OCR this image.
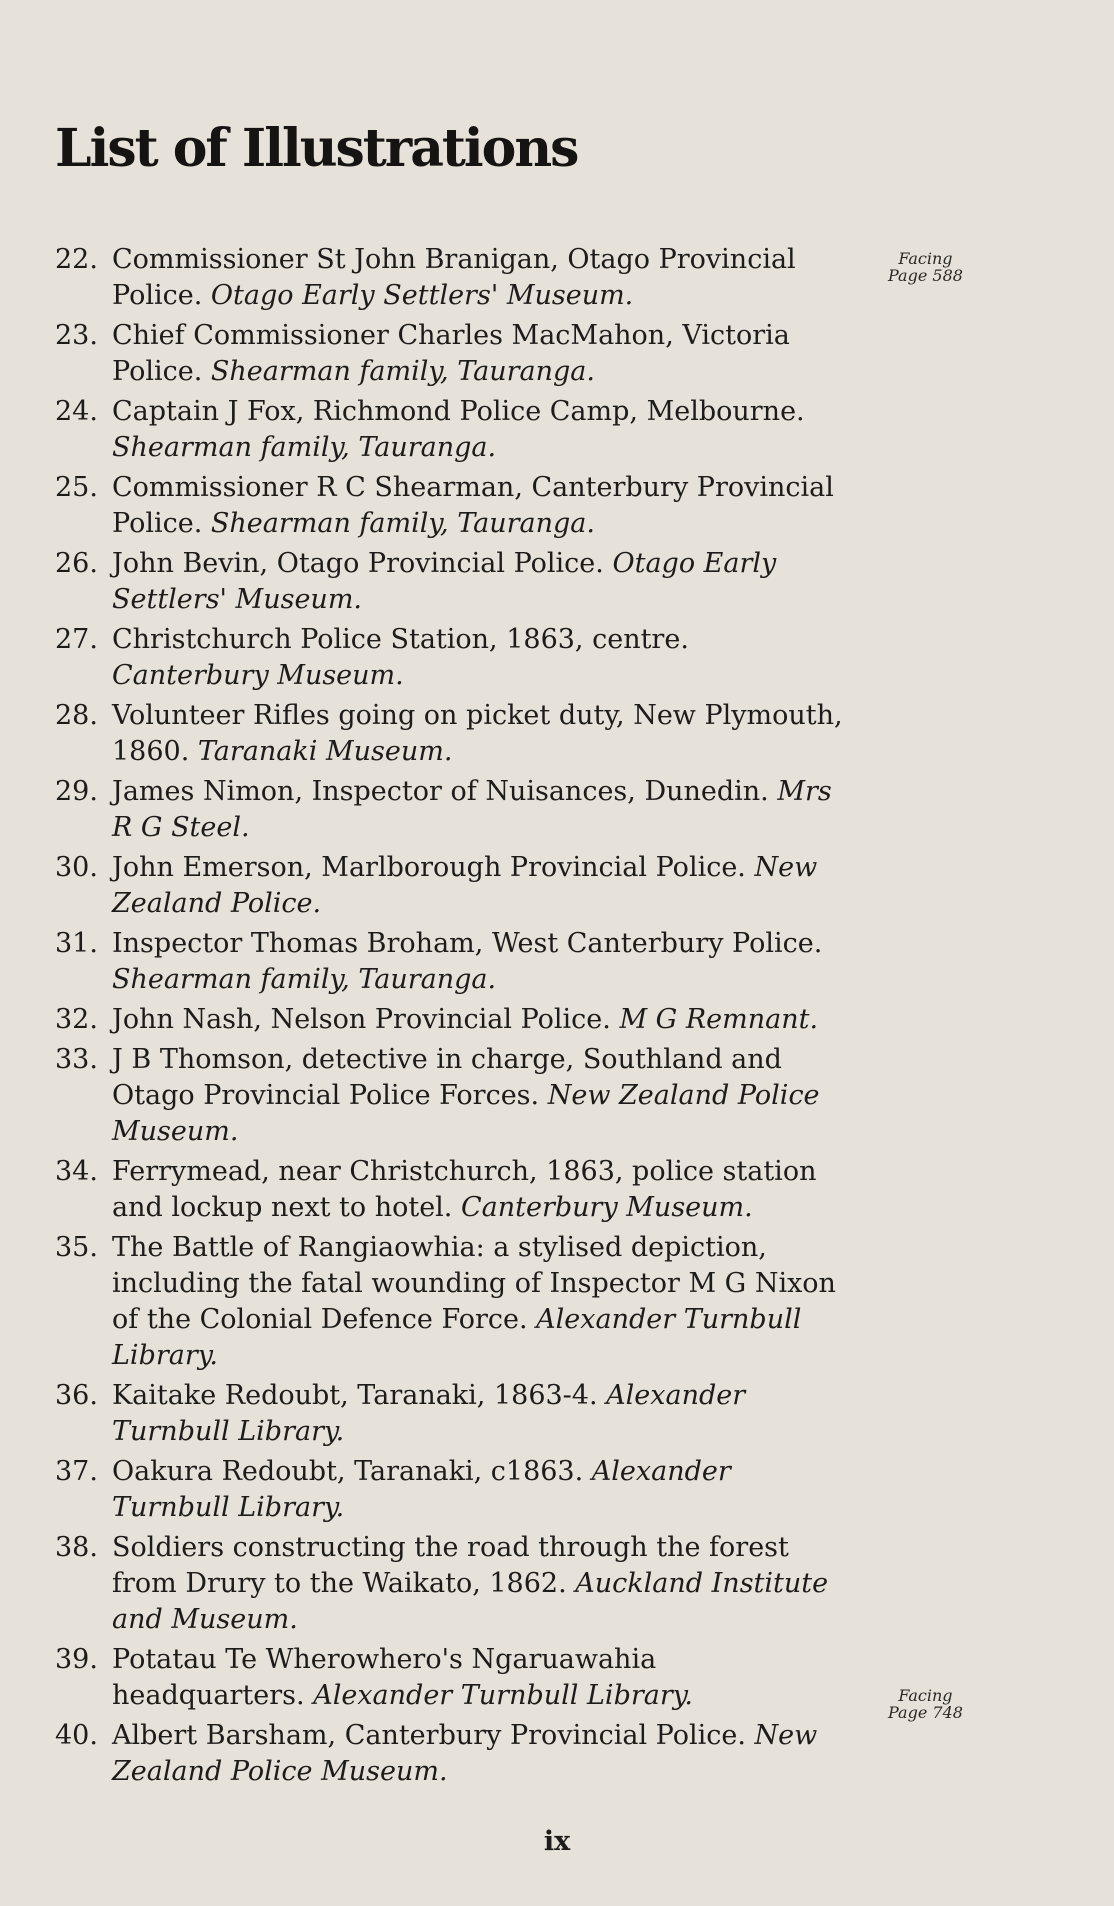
List of Illustrations
Facing
Page 588
22. Commissioner St John Branigan, Otago Provincial Police. Otago Early Settlers' Museum.
23. Chief Commissioner Charles MacMahon, Victoria Police. Shearman family, Tauranga.
24. Captain J Fox, Richmond Police Camp, Melbourne. Shearman family, Tauranga.
25. Commissioner R C Shearman, Canterbury Provincial Police. Shearman family, Tauranga.
26. John Bevin, Otago Provincial Police. Otago Early Settlers' Museum.
27. Christchurch Police Station, 1863, centre. Canterbury Museum.
28. Volunteer Rifles going on picket duty, New Plymouth, 1860. Taranaki Museum.
29. James Nimon, Inspector of Nuisances, Dunedin. Mrs R G Steel.
30. John Emerson, Marlborough Provincial Police. New Zealand Police.
31. Inspector Thomas Broham, West Canterbury Police. Shearman family, Tauranga.
32. John Nash, Nelson Provincial Police. M G Remnant.
33. J B Thomson, detective in charge, Southland and Otago Provincial Police Forces. New Zealand Police Museum.
34. Ferrymead, near Christchurch, 1863, police station and lockup next to hotel. Canterbury Museum.
35. The Battle of Rangiaowhia: a stylised depiction, including the fatal wounding of Inspector M G Nixon of the Colonial Defence Force. Alexander Turnbull Library.
36. Kaitake Redoubt, Taranaki, 1863-4. Alexander Turnbull Library.
37. Oakura Redoubt, Taranaki, c1863. Alexander Turnbull Library.
38. Soldiers constructing the road through the forest from Drury to the Waikato, 1862. Auckland Institute and Museum.
39. Potatau Te Wherowhero's Ngaruawahia headquarters. Alexander Turnbull Library.
40. Albert Barsham, Canterbury Provincial Police. New Zealand Police Museum.
Facing
Page 748
ix
